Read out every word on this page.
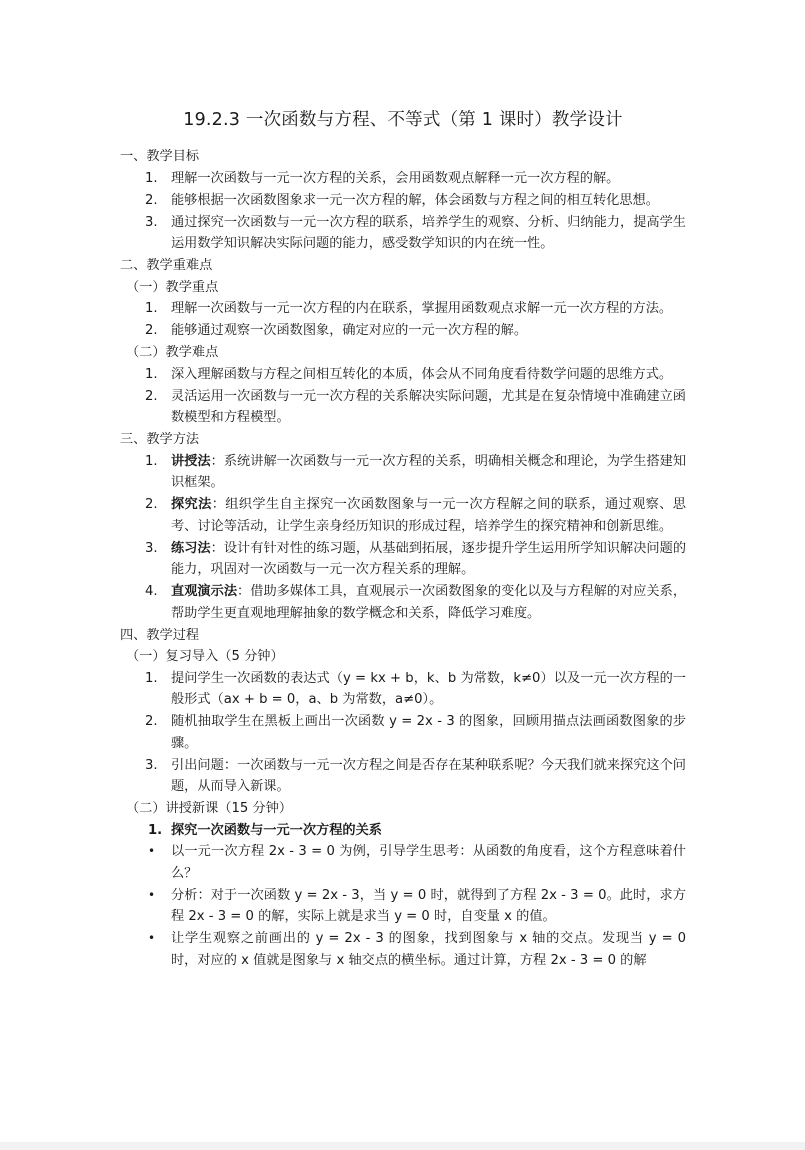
19.2.3 一次函数与方程、不等式（第 1 课时）教学设计
一、教学目标
1. 理解一次函数与一元一次方程的关系，会用函数观点解释一元一次方程的解。
2. 能够根据一次函数图象求一元一次方程的解，体会函数与方程之间的相互转化思想。
3. 通过探究一次函数与一元一次方程的联系，培养学生的观察、分析、归纳能力，提高学生运用数学知识解决实际问题的能力，感受数学知识的内在统一性。
二、教学重难点
（一）教学重点
1. 理解一次函数与一元一次方程的内在联系，掌握用函数观点求解一元一次方程的方法。
2. 能够通过观察一次函数图象，确定对应的一元一次方程的解。
（二）教学难点
1. 深入理解函数与方程之间相互转化的本质，体会从不同角度看待数学问题的思维方式。
2. 灵活运用一次函数与一元一次方程的关系解决实际问题，尤其是在复杂情境中准确建立函数模型和方程模型。
三、教学方法
1. 讲授法：系统讲解一次函数与一元一次方程的关系，明确相关概念和理论，为学生搭建知识框架。
2. 探究法：组织学生自主探究一次函数图象与一元一次方程解之间的联系，通过观察、思考、讨论等活动，让学生亲身经历知识的形成过程，培养学生的探究精神和创新思维。
3. 练习法：设计有针对性的练习题，从基础到拓展，逐步提升学生运用所学知识解决问题的能力，巩固对一次函数与一元一次方程关系的理解。
4. 直观演示法：借助多媒体工具，直观展示一次函数图象的变化以及与方程解的对应关系，帮助学生更直观地理解抽象的数学概念和关系，降低学习难度。
四、教学过程
（一）复习导入（5 分钟）
1. 提问学生一次函数的表达式（y = kx + b，k、b 为常数，k≠0）以及一元一次方程的一般形式（ax + b = 0，a、b 为常数，a≠0）。
2. 随机抽取学生在黑板上画出一次函数 y = 2x - 3 的图象，回顾用描点法画函数图象的步骤。
3. 引出问题：一次函数与一元一次方程之间是否存在某种联系呢？今天我们就来探究这个问题，从而导入新课。
（二）讲授新课（15 分钟）
1. 探究一次函数与一元一次方程的关系
• 以一元一次方程 2x - 3 = 0 为例，引导学生思考：从函数的角度看，这个方程意味着什么？
• 分析：对于一次函数 y = 2x - 3，当 y = 0 时，就得到了方程 2x - 3 = 0。此时，求方程 2x - 3 = 0 的解，实际上就是求当 y = 0 时，自变量 x 的值。
• 让学生观察之前画出的 y = 2x - 3 的图象，找到图象与 x 轴的交点。发现当 y = 0 时，对应的 x 值就是图象与 x 轴交点的横坐标。通过计算，方程 2x - 3 = 0 的解
